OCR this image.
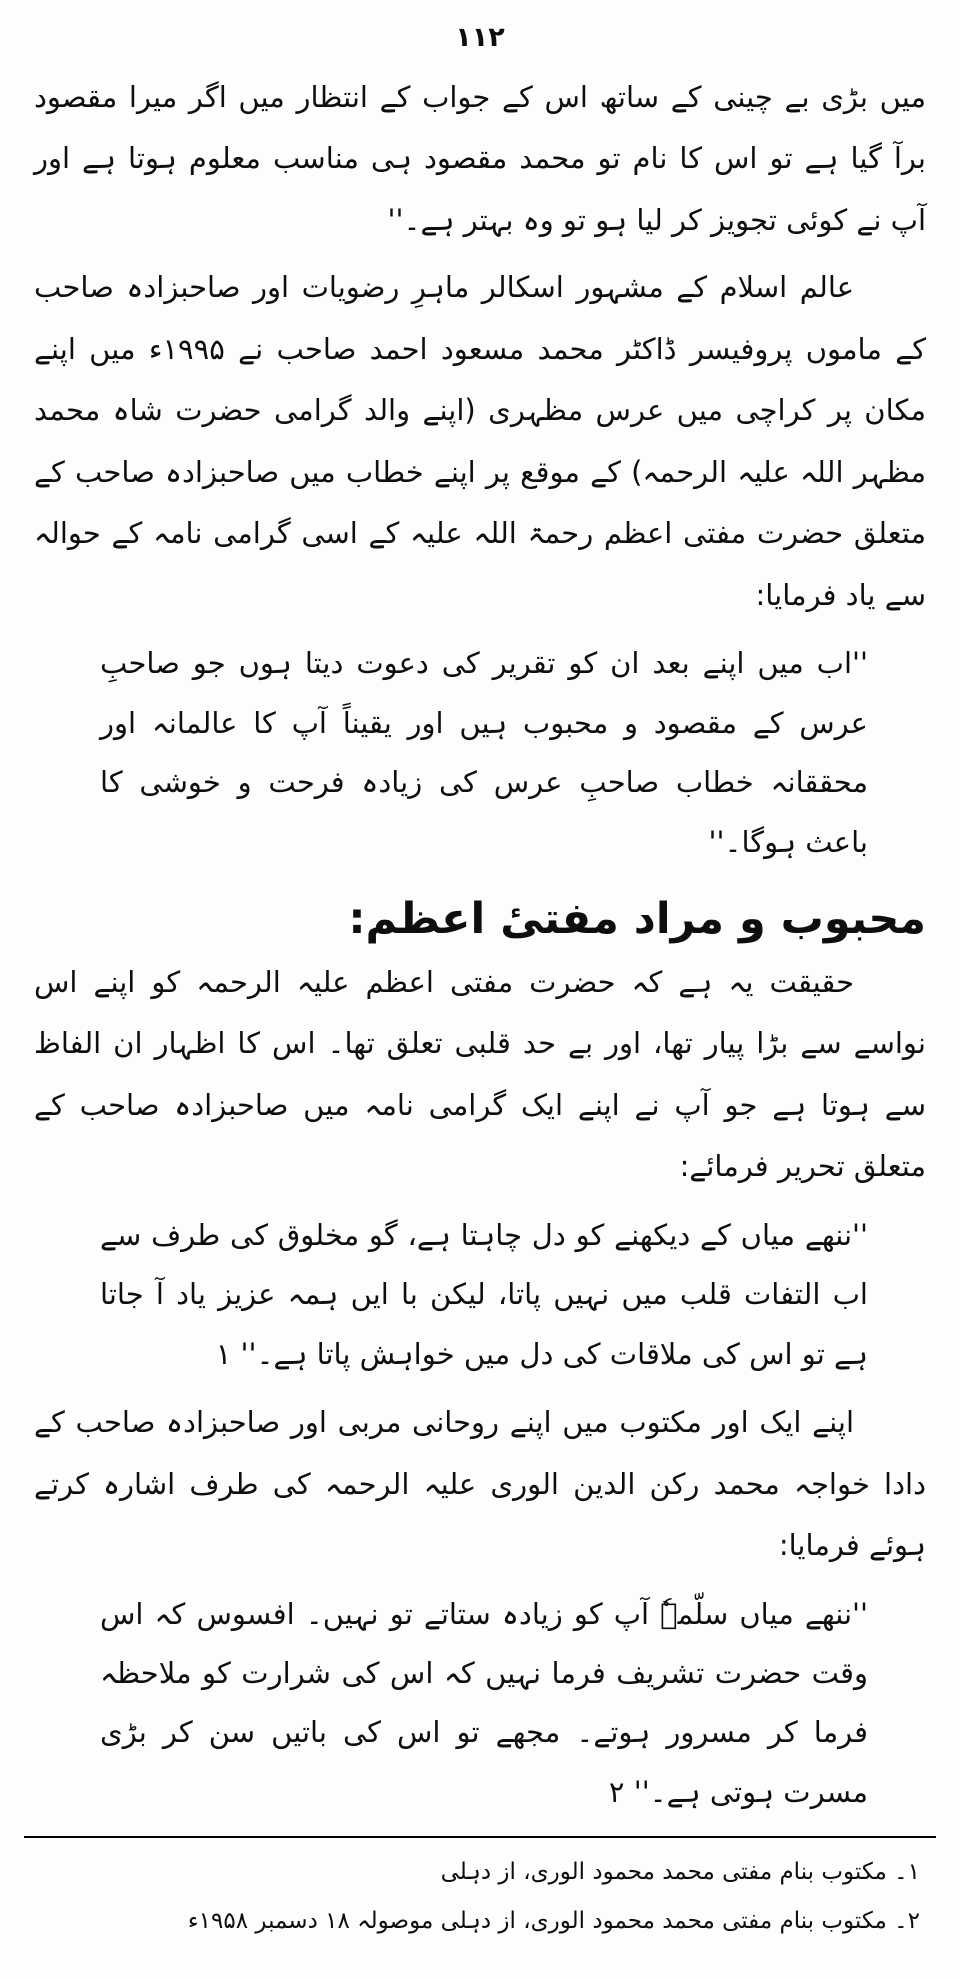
۱۱۲

میں بڑی بے چینی کے ساتھ اس کے جواب کے انتظار میں اگر میرا مقصود برآ گیا ہے تو اس کا نام تو محمد مقصود ہی مناسب معلوم ہوتا ہے اور آپ نے کوئی تجویز کر لیا ہو تو وہ بہتر ہے۔''

عالم اسلام کے مشہور اسکالر ماہرِ رضویات اور صاحبزادہ صاحب کے ماموں پروفیسر ڈاکٹر محمد مسعود احمد صاحب نے ۱۹۹۵ء میں اپنے مکان پر کراچی میں عرس مظہری (اپنے والد گرامی حضرت شاہ محمد مظہر اللہ علیہ الرحمہ) کے موقع پر اپنے خطاب میں صاحبزادہ صاحب کے متعلق حضرت مفتی اعظم رحمۃ اللہ علیہ کے اسی گرامی نامہ کے حوالہ سے یاد فرمایا:

''اب میں اپنے بعد ان کو تقریر کی دعوت دیتا ہوں جو صاحبِ عرس کے مقصود و محبوب ہیں اور یقیناً آپ کا عالمانہ اور محققانہ خطاب صاحبِ عرس کی زیادہ فرحت و خوشی کا باعث ہوگا۔''
محبوب و مراد مفتیٔ اعظم:

حقیقت یہ ہے کہ حضرت مفتی اعظم علیہ الرحمہ کو اپنے اس نواسے سے بڑا پیار تھا، اور بے حد قلبی تعلق تھا۔ اس کا اظہار ان الفاظ سے ہوتا ہے جو آپ نے اپنے ایک گرامی نامہ میں صاحبزادہ صاحب کے متعلق تحریر فرمائے:

''ننھے میاں کے دیکھنے کو دل چاہتا ہے، گو مخلوق کی طرف سے اب التفات قلب میں نہیں پاتا، لیکن با ایں ہمہ عزیز یاد آ جاتا ہے تو اس کی ملاقات کی دل میں خواہش پاتا ہے۔'' ۱

اپنے ایک اور مکتوب میں اپنے روحانی مربی اور صاحبزادہ صاحب کے دادا خواجہ محمد رکن الدین الوری علیہ الرحمہ کی طرف اشارہ کرتے ہوئے فرمایا:

''ننھے میاں سلّمہٗ آپ کو زیادہ ستاتے تو نہیں۔ افسوس کہ اس وقت حضرت تشریف فرما نہیں کہ اس کی شرارت کو ملاحظہ فرما کر مسرور ہوتے۔ مجھے تو اس کی باتیں سن کر بڑی مسرت ہوتی ہے۔'' ۲
۱۔ مکتوب بنام مفتی محمد محمود الوری، از دہلی
۲۔ مکتوب بنام مفتی محمد محمود الوری، از دہلی موصولہ ۱۸ دسمبر ۱۹۵۸ء
